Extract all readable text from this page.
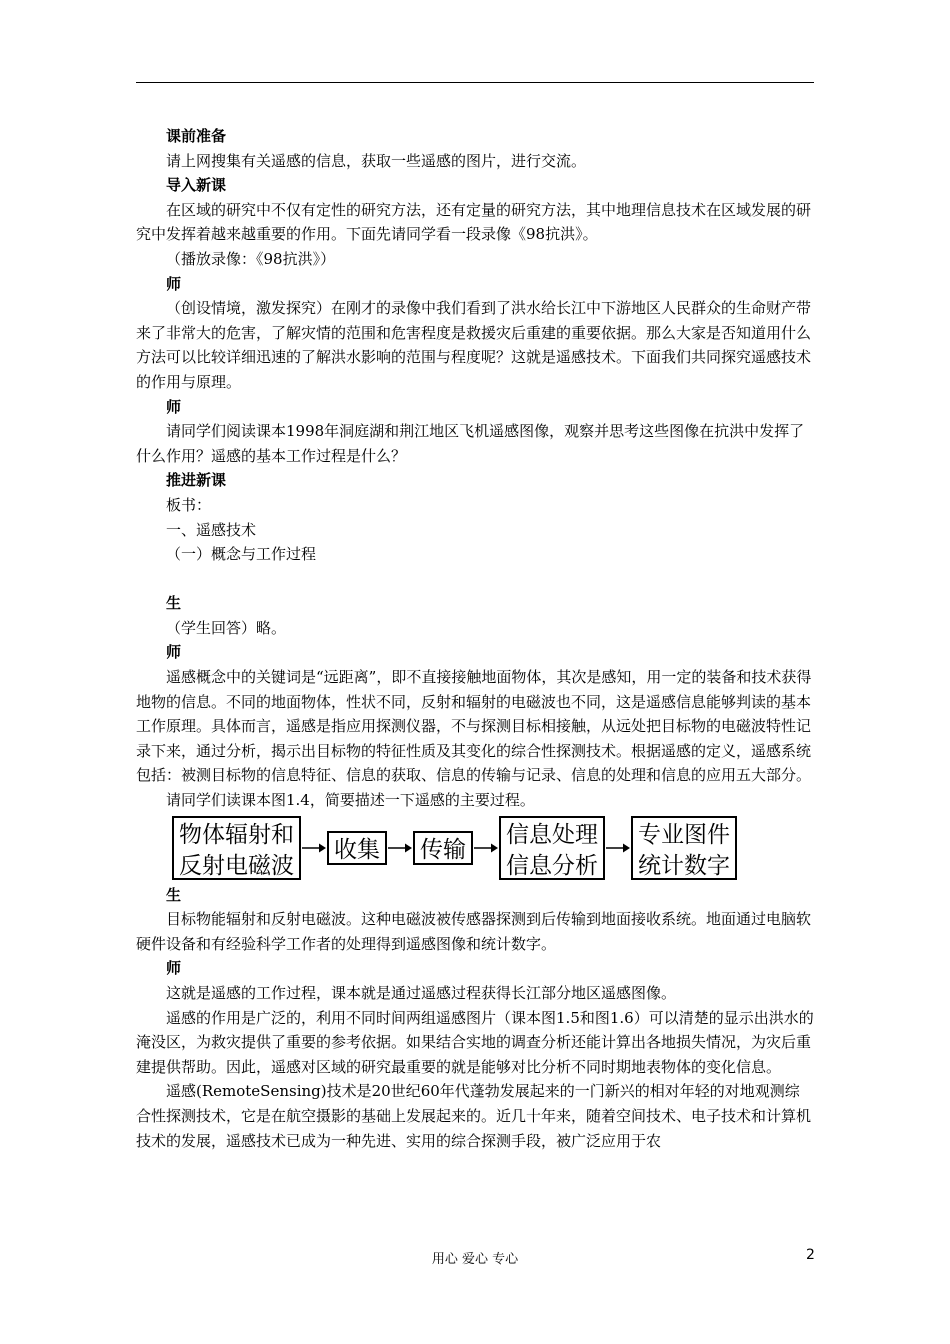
课前准备

请上网搜集有关遥感的信息，获取一些遥感的图片，进行交流。

导入新课

在区域的研究中不仅有定性的研究方法，还有定量的研究方法，其中地理信息技术在区域发展的研究中发挥着越来越重要的作用。下面先请同学看一段录像《98抗洪》。

（播放录像：《98抗洪》）

师

（创设情境，激发探究）在刚才的录像中我们看到了洪水给长江中下游地区人民群众的生命财产带来了非常大的危害，了解灾情的范围和危害程度是救援灾后重建的重要依据。那么大家是否知道用什么方法可以比较详细迅速的了解洪水影响的范围与程度呢？这就是遥感技术。下面我们共同探究遥感技术的作用与原理。

师

请同学们阅读课本1998年洞庭湖和荆江地区飞机遥感图像，观察并思考这些图像在抗洪中发挥了什么作用？遥感的基本工作过程是什么？

推进新课

板书：

一、遥感技术

（一）概念与工作过程

生

（学生回答）略。

师

遥感概念中的关键词是“远距离”，即不直接接触地面物体，其次是感知，用一定的装备和技术获得地物的信息。不同的地面物体，性状不同，反射和辐射的电磁波也不同，这是遥感信息能够判读的基本工作原理。具体而言，遥感是指应用探测仪器，不与探测目标相接触，从远处把目标物的电磁波特性记录下来，通过分析，揭示出目标物的特征性质及其变化的综合性探测技术。根据遥感的定义，遥感系统包括：被测目标物的信息特征、信息的获取、信息的传输与记录、信息的处理和信息的应用五大部分。

请同学们读课本图1.4，简要描述一下遥感的主要过程。

物体辐射和
反射电磁波
收集 传输
信息处理
信息分析
专业图件
统计数字

生

目标物能辐射和反射电磁波。这种电磁波被传感器探测到后传输到地面接收系统。地面通过电脑软硬件设备和有经验科学工作者的处理得到遥感图像和统计数字。

师

这就是遥感的工作过程，课本就是通过遥感过程获得长江部分地区遥感图像。

遥感的作用是广泛的，利用不同时间两组遥感图片（课本图1.5和图1.6）可以清楚的显示出洪水的淹没区，为救灾提供了重要的参考依据。如果结合实地的调查分析还能计算出各地损失情况，为灾后重建提供帮助。因此，遥感对区域的研究最重要的就是能够对比分析不同时期地表物体的变化信息。

遥感(RemoteSensing)技术是20世纪60年代蓬勃发展起来的一门新兴的相对年轻的对地观测综合性探测技术，它是在航空摄影的基础上发展起来的。近几十年来，随着空间技术、电子技术和计算机技术的发展，遥感技术已成为一种先进、实用的综合探测手段，被广泛应用于农

用心 爱心 专心	2
